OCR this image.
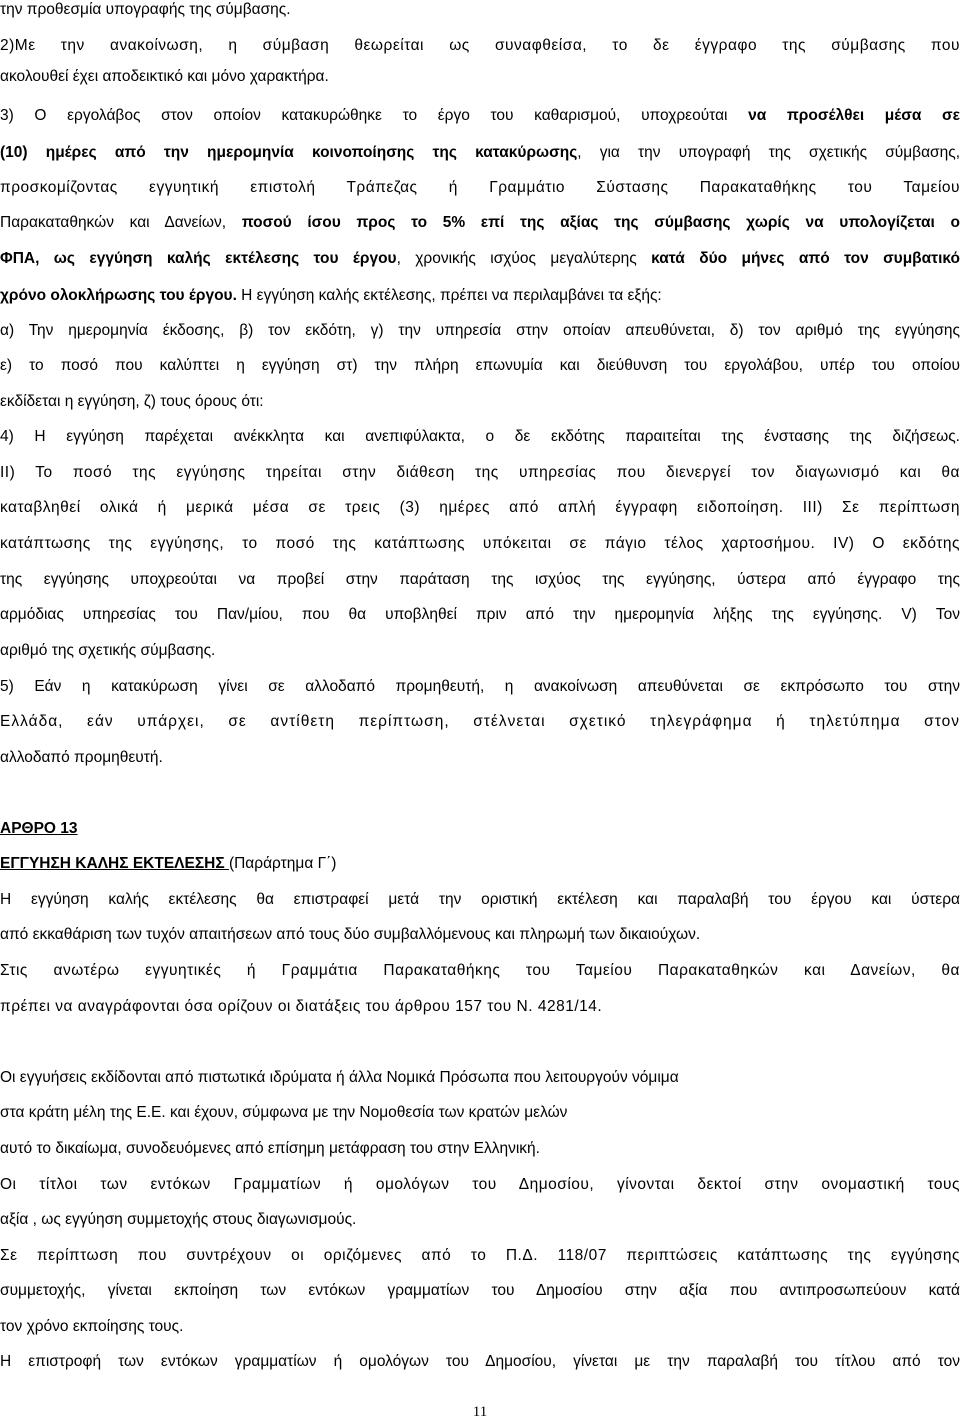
την προθεσμία υπογραφής της σύμβασης.
2)Με την ανακοίνωση, η σύμβαση θεωρείται ως συναφθείσα, το δε έγγραφο της σύμβασης που
ακολουθεί έχει αποδεικτικό και μόνο χαρακτήρα.
3) Ο εργολάβος στον οποίον κατακυρώθηκε το έργο του καθαρισμού, υποχρεούται να προσέλθει μέσα σε
(10) ημέρες από την ημερομηνία κοινοποίησης της κατακύρωσης, για την υπογραφή της σχετικής σύμβασης,
προσκομίζοντας εγγυητική επιστολή Τράπεζας ή Γραμμάτιο Σύστασης Παρακαταθήκης του Ταμείου
Παρακαταθηκών και Δανείων, ποσού ίσου προς το 5% επί της αξίας της σύμβασης χωρίς να υπολογίζεται ο
ΦΠΑ, ως εγγύηση καλής εκτέλεσης του έργου, χρονικής ισχύος μεγαλύτερης κατά δύο μήνες από τον συμβατικό
χρόνο ολοκλήρωσης του έργου. Η εγγύηση καλής εκτέλεσης, πρέπει να περιλαμβάνει τα εξής:
α) Την ημερομηνία έκδοσης, β) τον εκδότη, γ) την υπηρεσία στην οποίαν απευθύνεται, δ) τον αριθμό της εγγύησης
ε) το ποσό που καλύπτει η εγγύηση στ) την πλήρη επωνυμία και διεύθυνση του εργολάβου, υπέρ του οποίου
εκδίδεται η εγγύηση, ζ) τους όρους ότι:
4) Η εγγύηση παρέχεται ανέκκλητα και ανεπιφύλακτα, ο δε εκδότης παραιτείται της ένστασης της διζήσεως.
ΙΙ) Το ποσό της εγγύησης τηρείται στην διάθεση της υπηρεσίας που διενεργεί τον διαγωνισμό και θα
καταβληθεί ολικά ή μερικά μέσα σε τρεις (3) ημέρες από απλή έγγραφη ειδοποίηση. ΙΙΙ) Σε περίπτωση
κατάπτωσης της εγγύησης, το ποσό της κατάπτωσης υπόκειται σε πάγιο τέλος χαρτοσήμου. IV) Ο εκδότης
της εγγύησης υποχρεούται να προβεί στην παράταση της ισχύος της εγγύησης, ύστερα από έγγραφο της
αρμόδιας υπηρεσίας του Παν/μίου, που θα υποβληθεί πριν από την ημερομηνία λήξης της εγγύησης. V) Τον
αριθμό της σχετικής σύμβασης.
5) Εάν η κατακύρωση γίνει σε αλλοδαπό προμηθευτή, η ανακοίνωση απευθύνεται σε εκπρόσωπο του στην
Ελλάδα, εάν υπάρχει, σε αντίθετη περίπτωση, στέλνεται σχετικό τηλεγράφημα ή τηλετύπημα στον
αλλοδαπό προμηθευτή.
ΑΡΘΡΟ 13
ΕΓΓΥΗΣΗ ΚΑΛΗΣ ΕΚΤΕΛΕΣΗΣ (Παράρτημα Γ΄)
Η εγγύηση καλής εκτέλεσης θα επιστραφεί μετά την οριστική εκτέλεση και παραλαβή του έργου και ύστερα
από εκκαθάριση των τυχόν απαιτήσεων από τους δύο συμβαλλόμενους και πληρωμή των δικαιούχων.
Στις ανωτέρω εγγυητικές ή Γραμμάτια Παρακαταθήκης του Ταμείου Παρακαταθηκών και Δανείων, θα
πρέπει να αναγράφονται όσα ορίζουν οι διατάξεις του άρθρου 157 του Ν. 4281/14.
Οι εγγυήσεις εκδίδονται από πιστωτικά ιδρύματα ή άλλα Νομικά Πρόσωπα που λειτουργούν νόμιμα
στα κράτη μέλη της Ε.Ε. και έχουν, σύμφωνα με την Νομοθεσία των κρατών μελών
αυτό το δικαίωμα, συνοδευόμενες από επίσημη μετάφραση του στην Ελληνική.
Οι τίτλοι των εντόκων Γραμματίων ή ομολόγων του Δημοσίου, γίνονται δεκτοί στην ονομαστική τους
αξία , ως εγγύηση συμμετοχής στους διαγωνισμούς.
Σε περίπτωση που συντρέχουν οι οριζόμενες από το Π.Δ. 118/07 περιπτώσεις κατάπτωσης της εγγύησης
συμμετοχής, γίνεται εκποίηση των εντόκων γραμματίων του Δημοσίου στην αξία που αντιπροσωπεύουν κατά
τον χρόνο εκποίησης τους.
Η επιστροφή των εντόκων γραμματίων ή ομολόγων του Δημοσίου, γίνεται με την παραλαβή του τίτλου από τον
11
